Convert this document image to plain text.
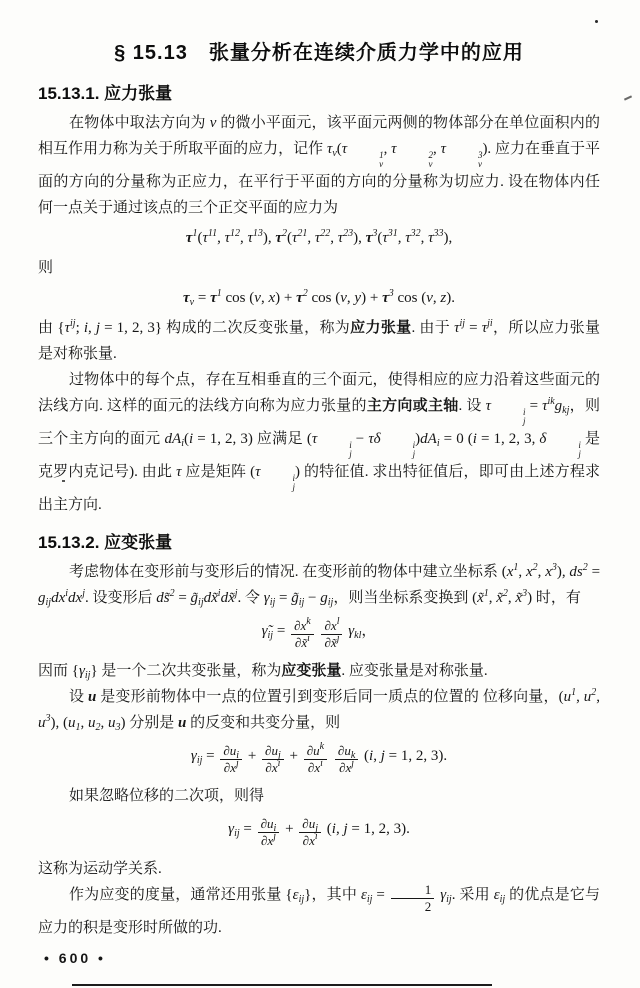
§ 15.13　张量分析在连续介质力学中的应用
15.13.1. 应力张量

在物体中取法方向为 ν 的微小平面元，该平面元两侧的物体部分在单位面积内的相互作用力称为关于所取平面的应力，记作 $\tau_\nu(\tau$	1
ν
, τ	2
ν
, τ	3
ν
). 应力在垂直于平面的方向的分量称为正应力，在平行于平面的方向的分量称为切应力. 设在物体内任何一点关于通过该点的三个正交平面的应力为

$\tau^1(\tau^{11}$, $\tau^{12}$, $\tau^{13}$), $\tau^2(\tau^{21}$, $\tau^{22}$, $\tau^{23}$), $\tau^3(\tau^{31}$, $\tau^{32}$, $\tau^{33}$),

则

$\tau_\nu = \tau^1$ cos (ν, $x) + \tau^2$ cos (ν, $y) + \tau^3$ cos (ν, z).

由 {$\tau^{ij}$; i, j = 1, 2, 3} 构成的二次反变张量，称为应力张量. 由于 $\tau^{ij} = \tau^{ji}$，所以应力张量是对称张量.

过物体中的每个点，存在互相垂直的三个面元，使得相应的应力沿着这些面元的法线方向. 这样的面元的法线方向称为应力张量的主方向或主轴. 设 τ	i
j
= $\tau^{ik}g_{kj}$，则三个主方向的面元 $dA_i(i = 1$, 2, 3) 应满足 (τ	i
j
− τδ	i
j
)$dA_i = 0$ (i = 1, 2, 3, δ	i
j
是克罗内克记号). 由此 τ 应是矩阵 (τ	i
j
) 的特征值. 求出特征值后，即可由上述方程求出主方向.

15.13.2. 应变张量

考虑物体在变形前与变形后的情况. 在变形前的物体中建立坐标系 ($x^1$, $x^2$, $x^3$), $ds^2 = g_{ij}dx^idx^j$. 设变形后 ds̃$^2$ = $g̃_{ij}dx̃^idx̃^j$. 令 $\gamma_{ij}$ = $g̃_{ij} - g_{ij}$，则当坐标系变换到 (x̃$^1$, x̃$^2$, x̃$^3$) 时，有

$\gammã_{ij} = \frac{\partial x^k}{\partial x̃^i}$
$\frac{\partial x^l}{\partial x̃^j} \gamma_{kl}$，

因而 $\{\gamma_{ij}\}$ 是一个二次共变张量，称为应变张量. 应变张量是对称张量.

设 u 是变形前物体中一点的位置引到变形后同一质点的位置的 位移向量，($u^1$, $u^2$, $u^3$), ($u_1$, $u_2$, $u_3$) 分别是 u 的反变和共变分量，则

$\gamma_{ij} = \frac{\partial u_i}{\partial x^j} + \frac{\partial u_j}{\partial x^i} + \frac{\partial u^k}{\partial x^i}$
$\frac{\partial u_k}{\partial x^j} (i$, j = 1, 2, 3).

如果忽略位移的二次项，则得

$\gamma_{ij} = \frac{\partial u_i}{\partial x^j} + \frac{\partial u_j}{\partial x^i} (i$, j = 1, 2, 3).

这称为运动学关系.

作为应变的度量，通常还用张量 $\{\varepsilon_{ij}\}$，其中 $\varepsilon_{ij} = \frac{1}{2} \gamma_{ij}$. 采用 $\varepsilon_{ij}$ 的优点是它与应力的积是变形时所做的功.

• 600 •
